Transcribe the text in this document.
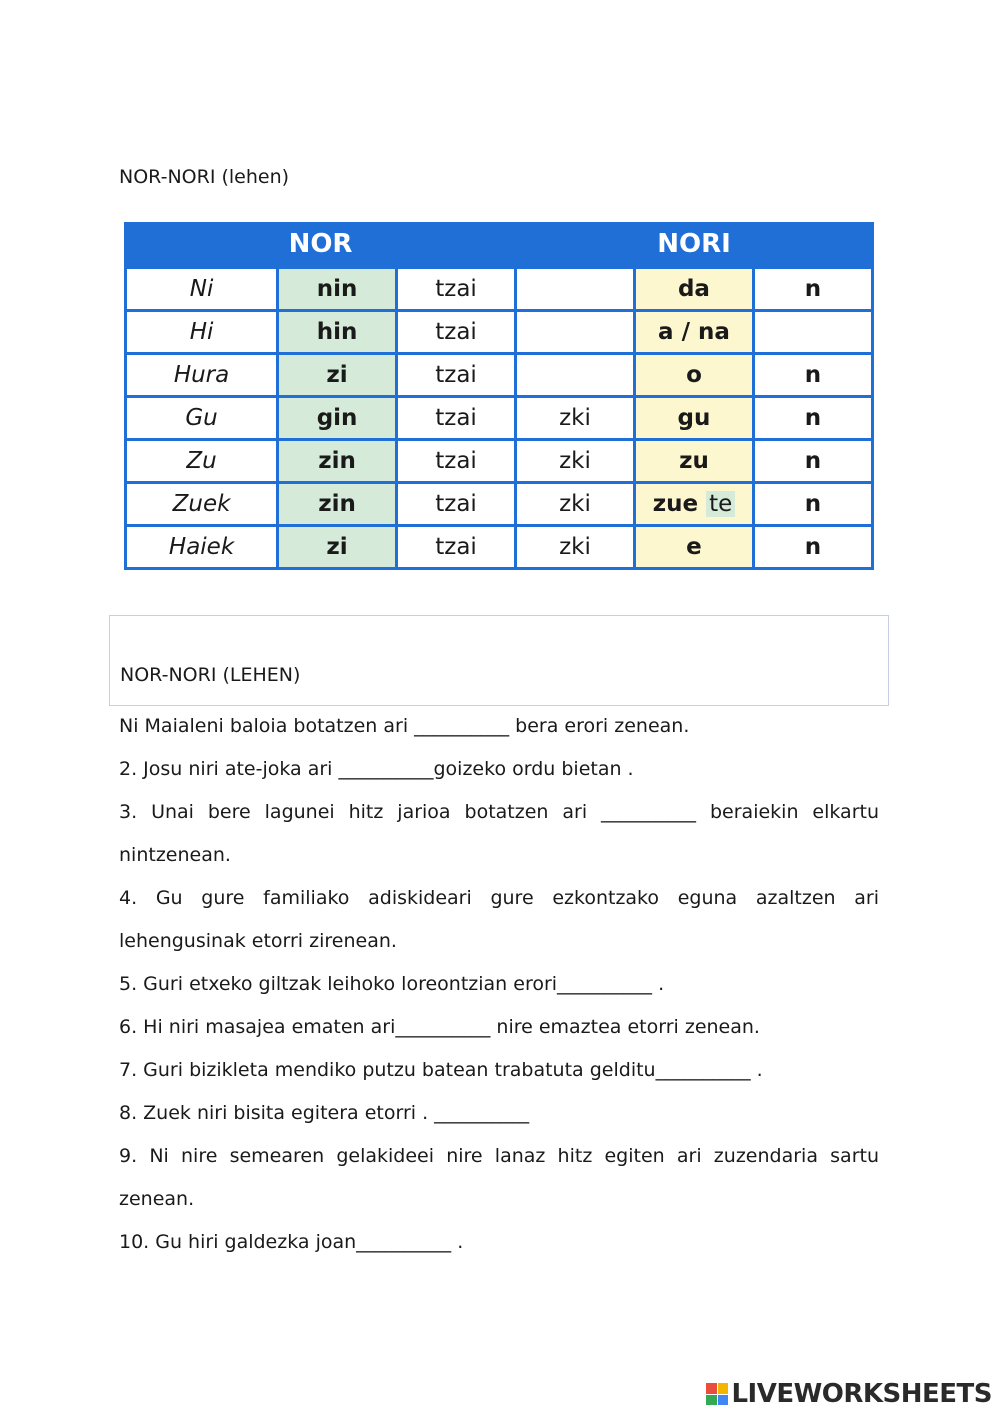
NOR-NORI (lehen)
NOR			NORI		
Ni	nin	tzai		da	n
Hi	hin	tzai		a / na	
Hura	zi	tzai		o	n
Gu	gin	tzai	zki	gu	n
Zu	zin	tzai	zki	zu	n
Zuek	zin	tzai	zki	zue te	n
Haiek	zi	tzai	zki	e	n
NOR-NORI (LEHEN)

Ni Maialeni baloia botatzen ari __________ bera erori zenean.

2. Josu niri ate-joka ari __________goizeko ordu bietan .

3. Unai bere lagunei hitz jarioa botatzen ari __________ beraiekin elkartu nintzenean.

4. Gu gure familiako adiskideari gure ezkontzako eguna azaltzen ari lehengusinak etorri zirenean.

5. Guri etxeko giltzak leihoko loreontzian erori__________ .

6. Hi niri masajea ematen ari__________ nire emaztea etorri zenean.

7. Guri bizikleta mendiko putzu batean trabatuta gelditu__________ .

8. Zuek niri bisita egitera etorri . __________

9. Ni nire semearen gelakideei nire lanaz hitz egiten ari zuzendaria sartu zenean.

10. Gu hiri galdezka joan__________ .

LIVEWORKSHEETS
